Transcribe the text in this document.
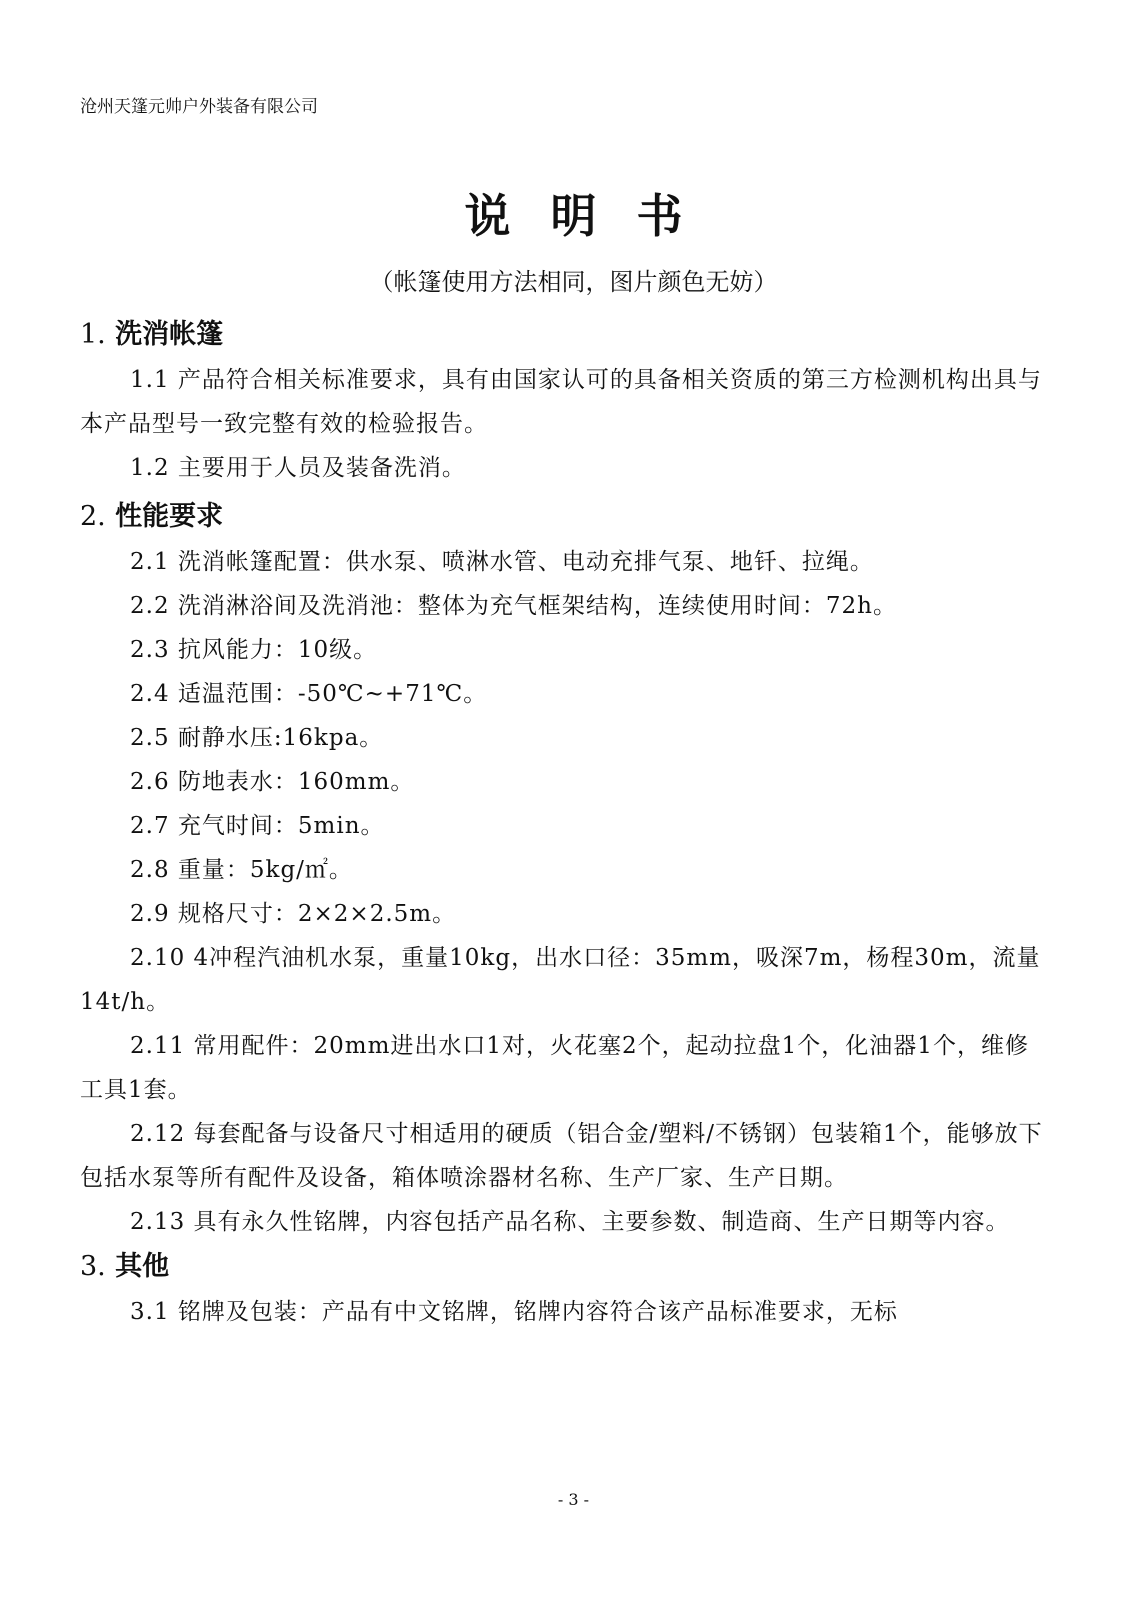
沧州天篷元帅户外装备有限公司
说明书
（帐篷使用方法相同，图片颜色无妨）
1. 洗消帐篷

1.1 产品符合相关标准要求，具有由国家认可的具备相关资质的第三方检测机构出具与本产品型号一致完整有效的检验报告。

1.2 主要用于人员及装备洗消。

2. 性能要求

2.1 洗消帐篷配置：供水泵、喷淋水管、电动充排气泵、地钎、拉绳。

2.2 洗消淋浴间及洗消池：整体为充气框架结构，连续使用时间：72h。

2.3 抗风能力：10级。

2.4 适温范围：-50℃~+71℃。

2.5 耐静水压:16kpa。

2.6 防地表水：160mm。

2.7 充气时间：5min。

2.8 重量：5kg/㎡。

2.9 规格尺寸：2×2×2.5m。

2.10 4冲程汽油机水泵，重量10kg，出水口径：35mm，吸深7m，杨程30m，流量14t/h。

2.11 常用配件：20mm进出水口1对，火花塞2个，起动拉盘1个，化油器1个，维修工具1套。

2.12 每套配备与设备尺寸相适用的硬质（铝合金/塑料/不锈钢）包装箱1个，能够放下包括水泵等所有配件及设备，箱体喷涂器材名称、生产厂家、生产日期。

2.13 具有永久性铭牌，内容包括产品名称、主要参数、制造商、生产日期等内容。

3. 其他

3.1 铭牌及包装：产品有中文铭牌，铭牌内容符合该产品标准要求，无标

- 3 -
